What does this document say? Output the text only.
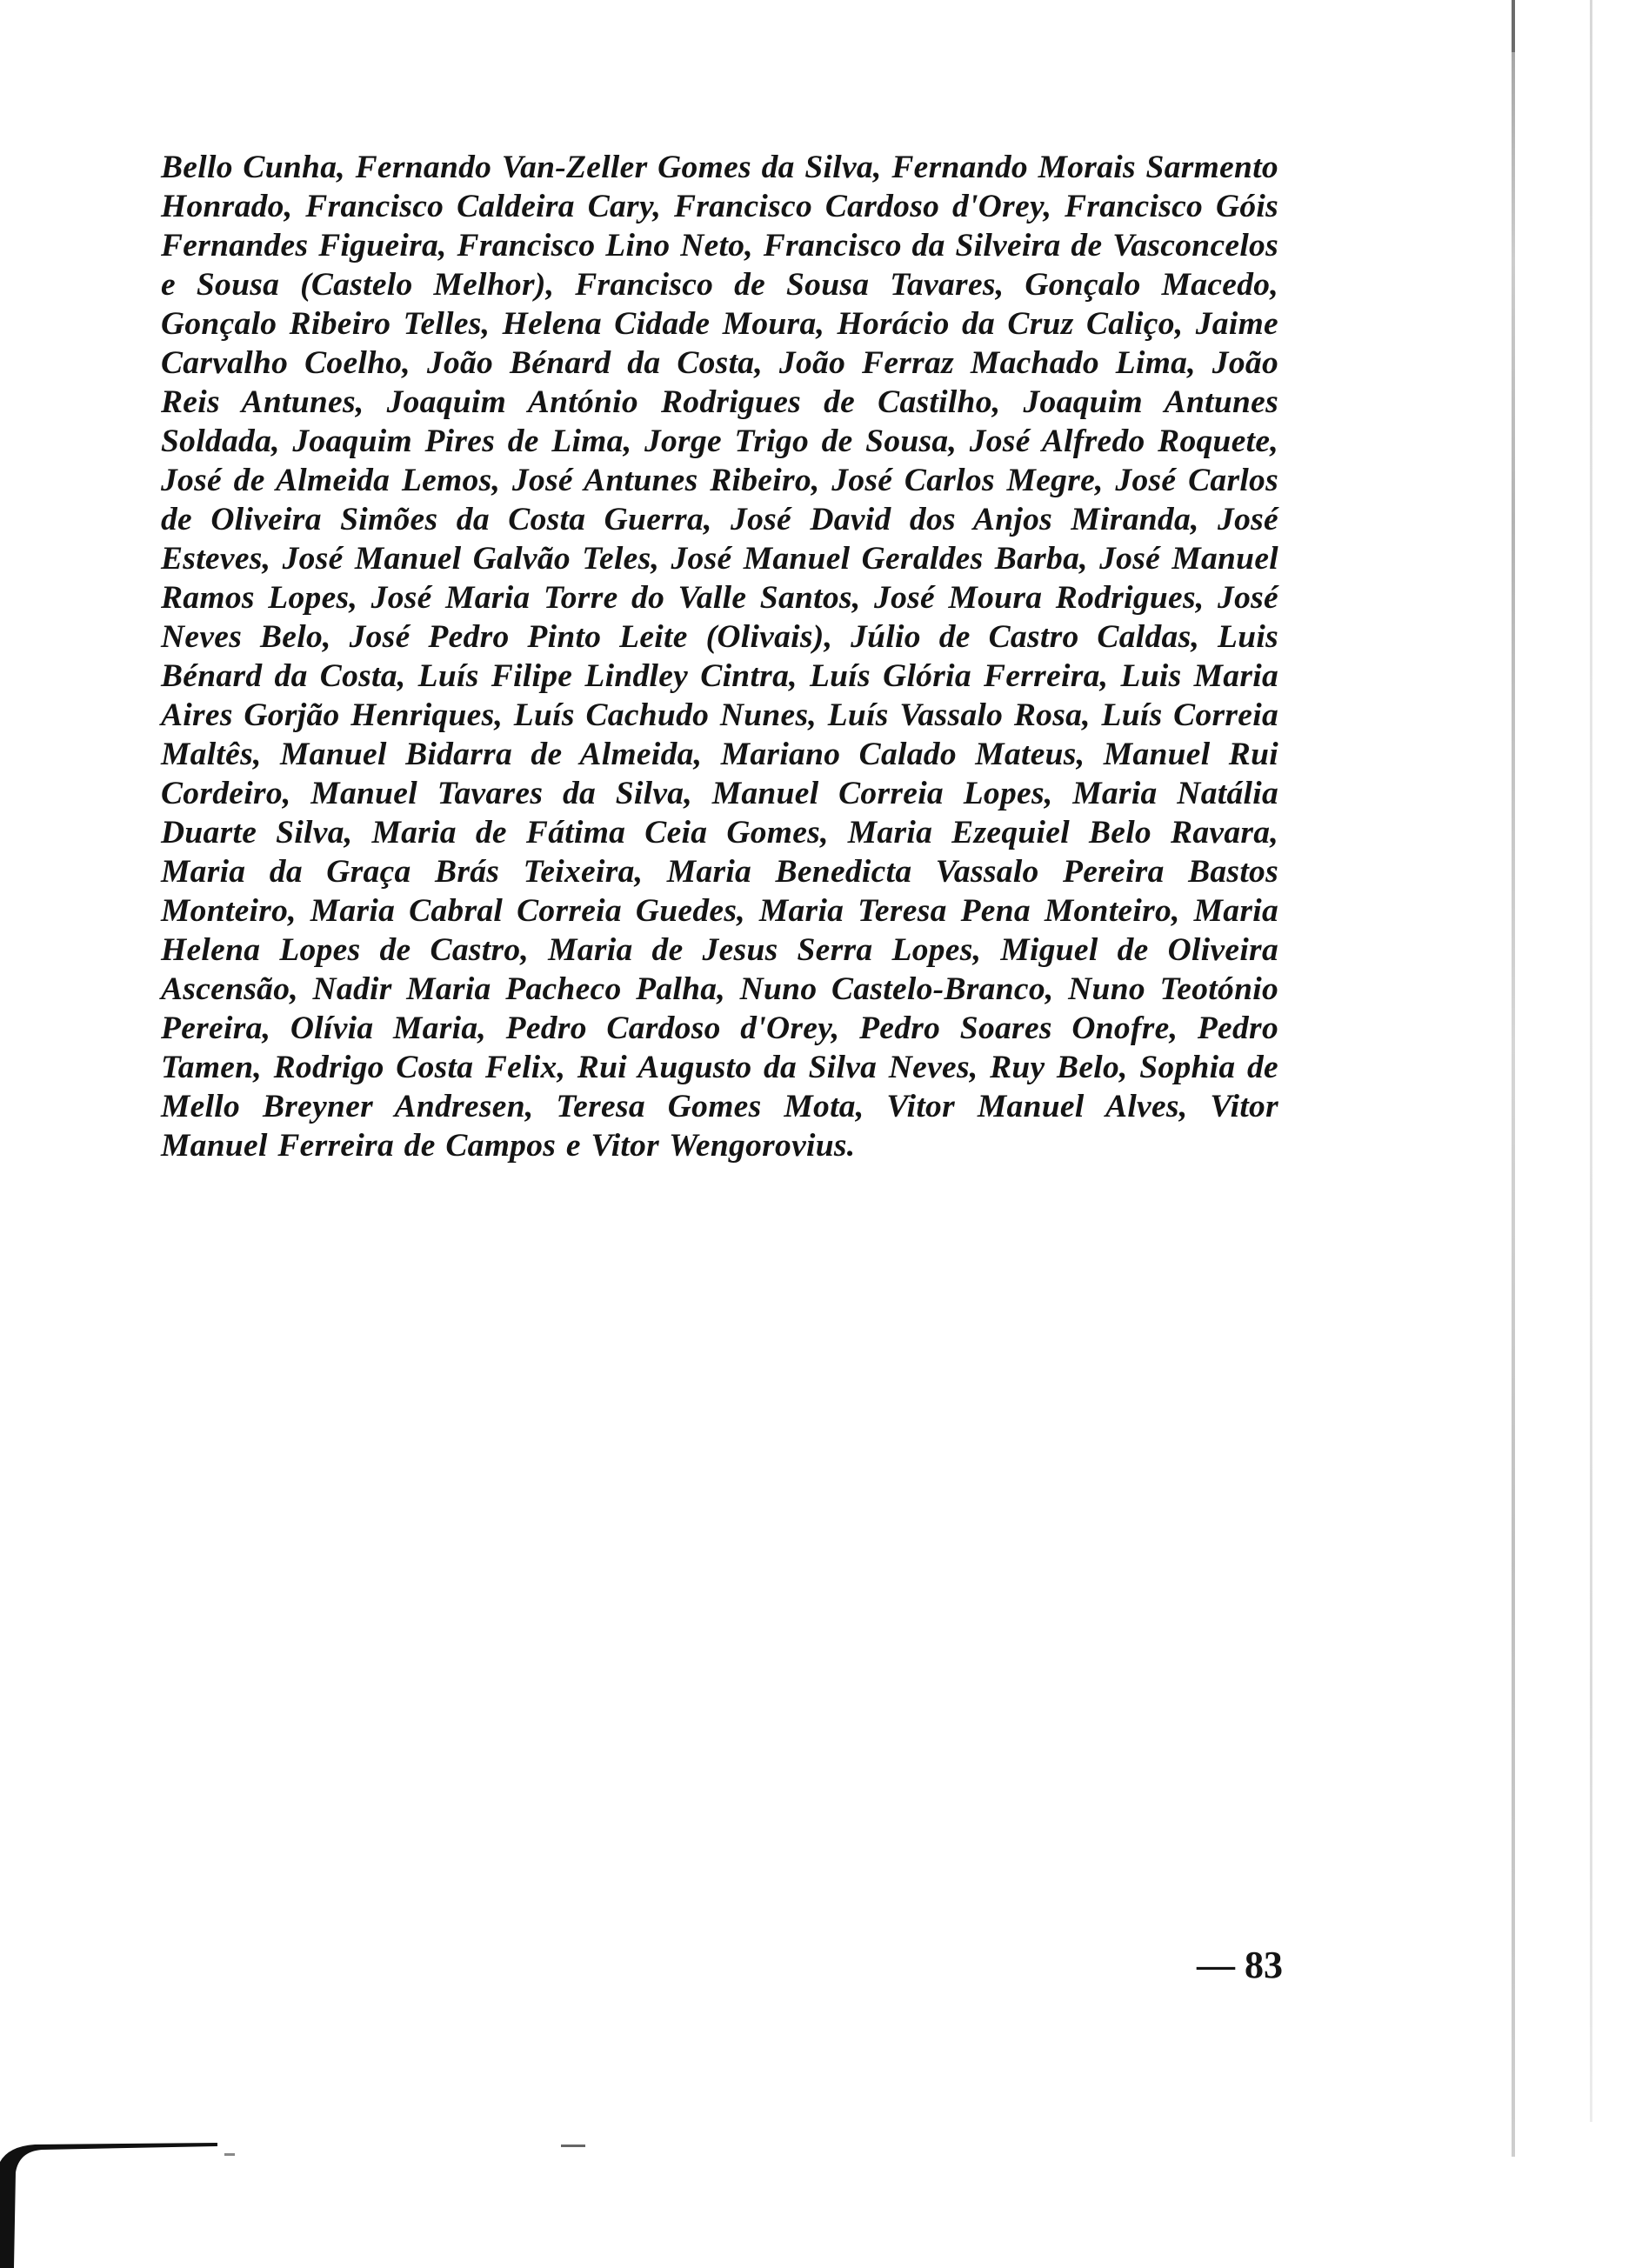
Bello Cunha, Fernando Van-Zeller Gomes da Silva, Fernando Morais Sarmento Honrado, Francisco Caldeira Cary, Francisco Cardoso d'Orey, Francisco Góis Fernandes Figueira, Francisco Lino Neto, Francisco da Silveira de Vasconcelos e Sousa (Castelo Melhor), Francisco de Sousa Tavares, Gonçalo Macedo, Gonçalo Ribeiro Telles, Helena Cidade Moura, Horácio da Cruz Caliço, Jaime Carvalho Coelho, João Bénard da Costa, João Ferraz Machado Lima, João Reis Antunes, Joaquim António Rodrigues de Castilho, Joaquim Antunes Soldada, Joaquim Pires de Lima, Jorge Trigo de Sousa, José Alfredo Roquete, José de Almeida Lemos, José Antunes Ribeiro, José Carlos Megre, José Carlos de Oliveira Simões da Costa Guerra, José David dos Anjos Miranda, José Esteves, José Manuel Galvão Teles, José Manuel Geraldes Barba, José Manuel Ramos Lopes, José Maria Torre do Valle Santos, José Moura Rodrigues, José Neves Belo, José Pedro Pinto Leite (Olivais), Júlio de Castro Caldas, Luis Bénard da Costa, Luís Filipe Lindley Cintra, Luís Glória Ferreira, Luis Maria Aires Gorjão Henriques, Luís Cachudo Nunes, Luís Vassalo Rosa, Luís Correia Maltês, Manuel Bidarra de Almeida, Mariano Calado Mateus, Manuel Rui Cordeiro, Manuel Tavares da Silva, Manuel Correia Lopes, Maria Natália Duarte Silva, Maria de Fátima Ceia Gomes, Maria Ezequiel Belo Ravara, Maria da Graça Brás Teixeira, Maria Benedicta Vassalo Pereira Bastos Monteiro, Maria Cabral Correia Guedes, Maria Teresa Pena Monteiro, Maria Helena Lopes de Castro, Maria de Jesus Serra Lopes, Miguel de Oliveira Ascensão, Nadir Maria Pacheco Palha, Nuno Castelo-Branco, Nuno Teotónio Pereira, Olívia Maria, Pedro Cardoso d'Orey, Pedro Soares Onofre, Pedro Tamen, Rodrigo Costa Felix, Rui Augusto da Silva Neves, Ruy Belo, Sophia de Mello Breyner Andresen, Teresa Gomes Mota, Vitor Manuel Alves, Vitor Manuel Ferreira de Campos e Vitor Wengorovius.

— 83
